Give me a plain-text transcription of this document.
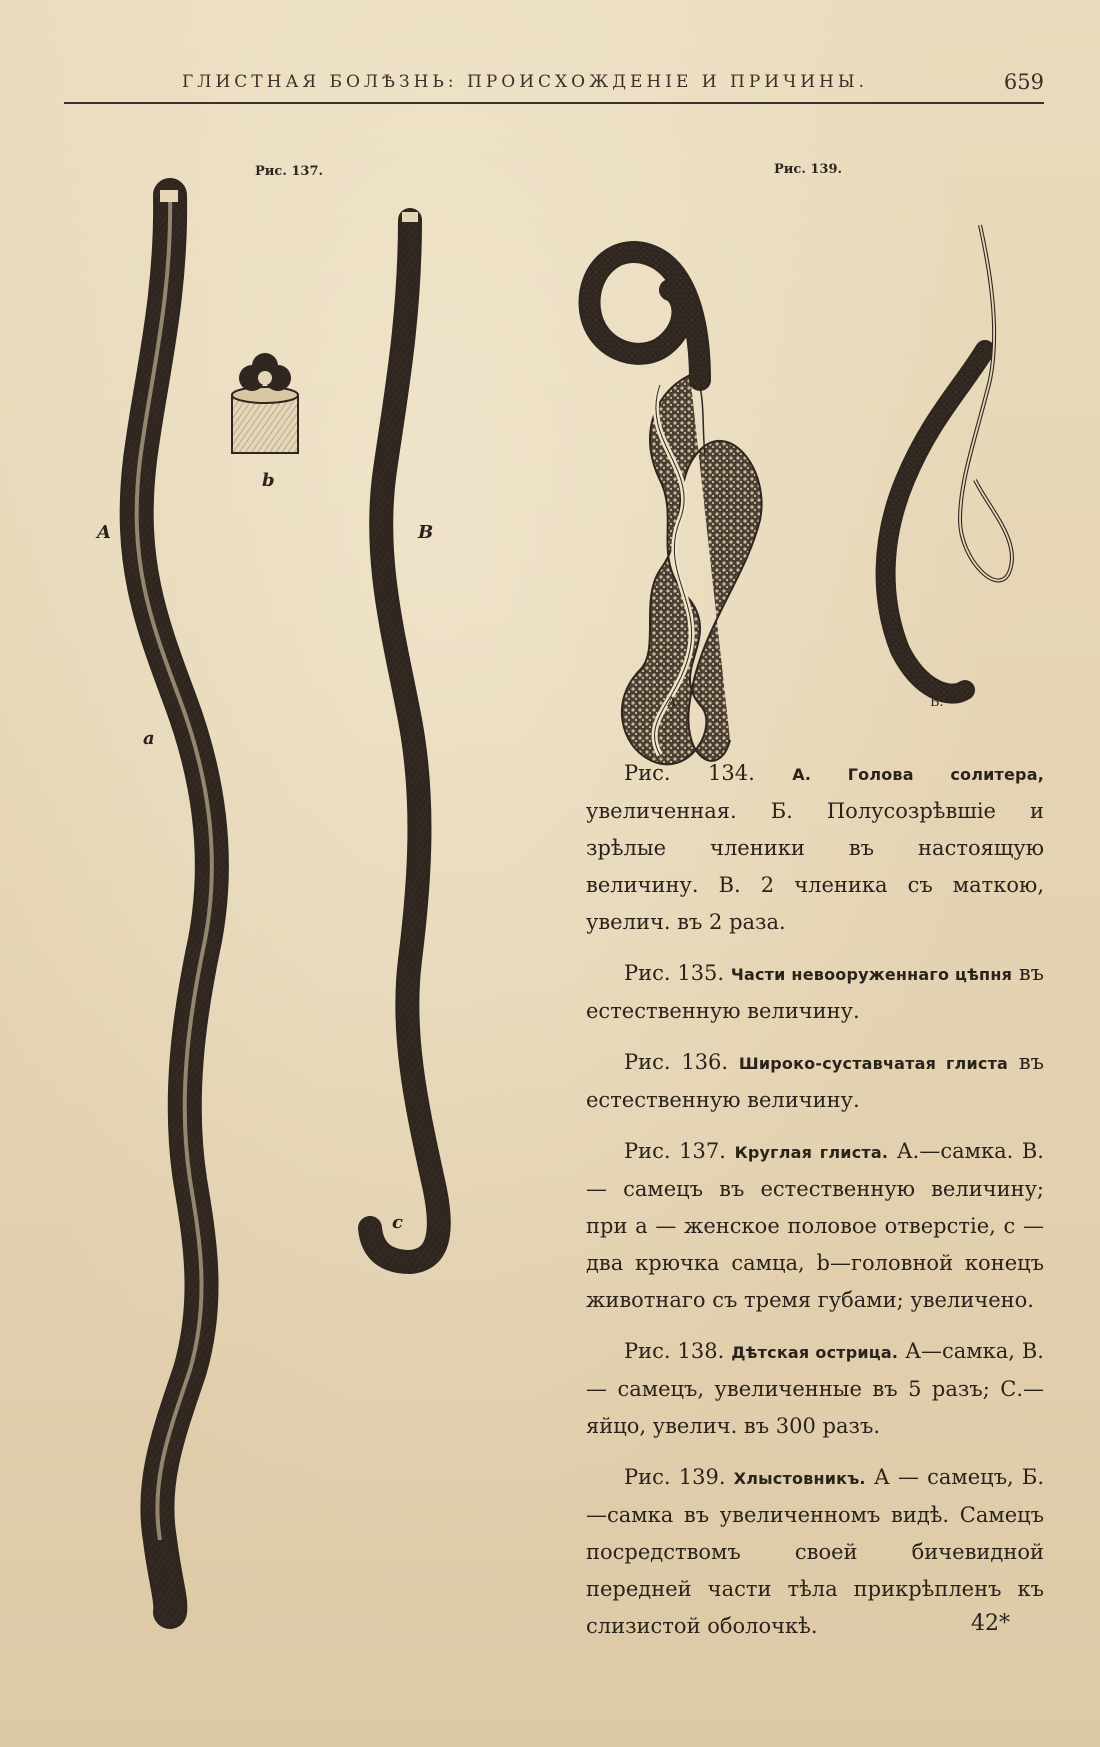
ГЛИСТНАЯ БОЛѢЗНЬ: ПРОИСХОЖДЕНІЕ И ПРИЧИНЫ.	659
Рис. 137.	Рис. 139.
A	B
a
b
c
A.	Б.

Рис. 134. А. Голова солитера, увеличенная. Б. Полусозрѣвшіе и зрѣлые членики въ настоящую величину. В. 2 членика съ маткою, увелич. въ 2 раза.

Рис. 135. Части невооруженнаго цѣпня въ естественную величину.

Рис. 136. Широко-суставчатая глиста въ естественную величину.

Рис. 137. Круглая глиста. А.—самка. В. — самецъ въ естественную величину; при а — женское половое отверстіе, с — два крючка самца, b—головной конецъ животнаго съ тремя губами; увеличено.

Рис. 138. Дѣтская острица. А—самка, В. — самецъ, увеличенные въ 5 разъ; С.—яйцо, увелич. въ 300 разъ.

Рис. 139. Хлыстовникъ. А — самецъ, Б.—самка въ увеличенномъ видѣ. Самецъ посредствомъ своей бичевидной передней части тѣла прикрѣпленъ къ слизистой оболочкѣ.	42*
